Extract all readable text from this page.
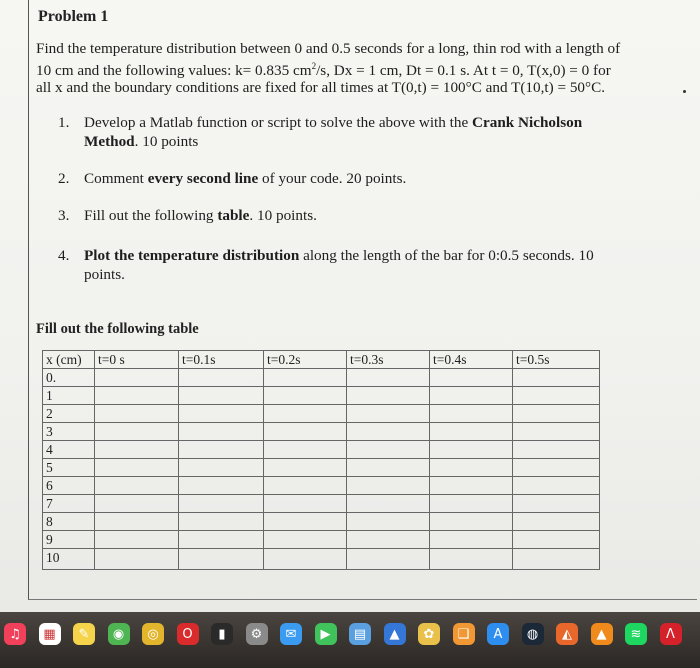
Problem 1
Find the temperature distribution between 0 and 0.5 seconds for a long, thin rod with a length of
10 cm and the following values: k= 0.835 $cm^2/s$, Dx = 1 cm, Dt = 0.1 s. At t = 0, T(x,0) = 0 for
all x and the boundary conditions are fixed for all times at T(0,t) = 100°C and T(10,t) = 50°C.
1. Develop a Matlab function or script to solve the above with the Crank Nicholson
Method. 10 points
2. Comment every second line of your code. 20 points.
3. Fill out the following table. 10 points.
4. Plot the temperature distribution along the length of the bar for 0:0.5 seconds. 10
points.
Fill out the following table
x (cm)	t=0 s	t=0.1s	t=0.2s	t=0.3s	t=0.4s	t=0.5s
0.						
1						
2						
3						
4						
5						
6						
7						
8						
9						
10						
♫	▦	✎	◉	◎	O	▮	⚙	✉	▶	▤	▲	✿	❑	A	◍	◭	▲	≋	Λ
